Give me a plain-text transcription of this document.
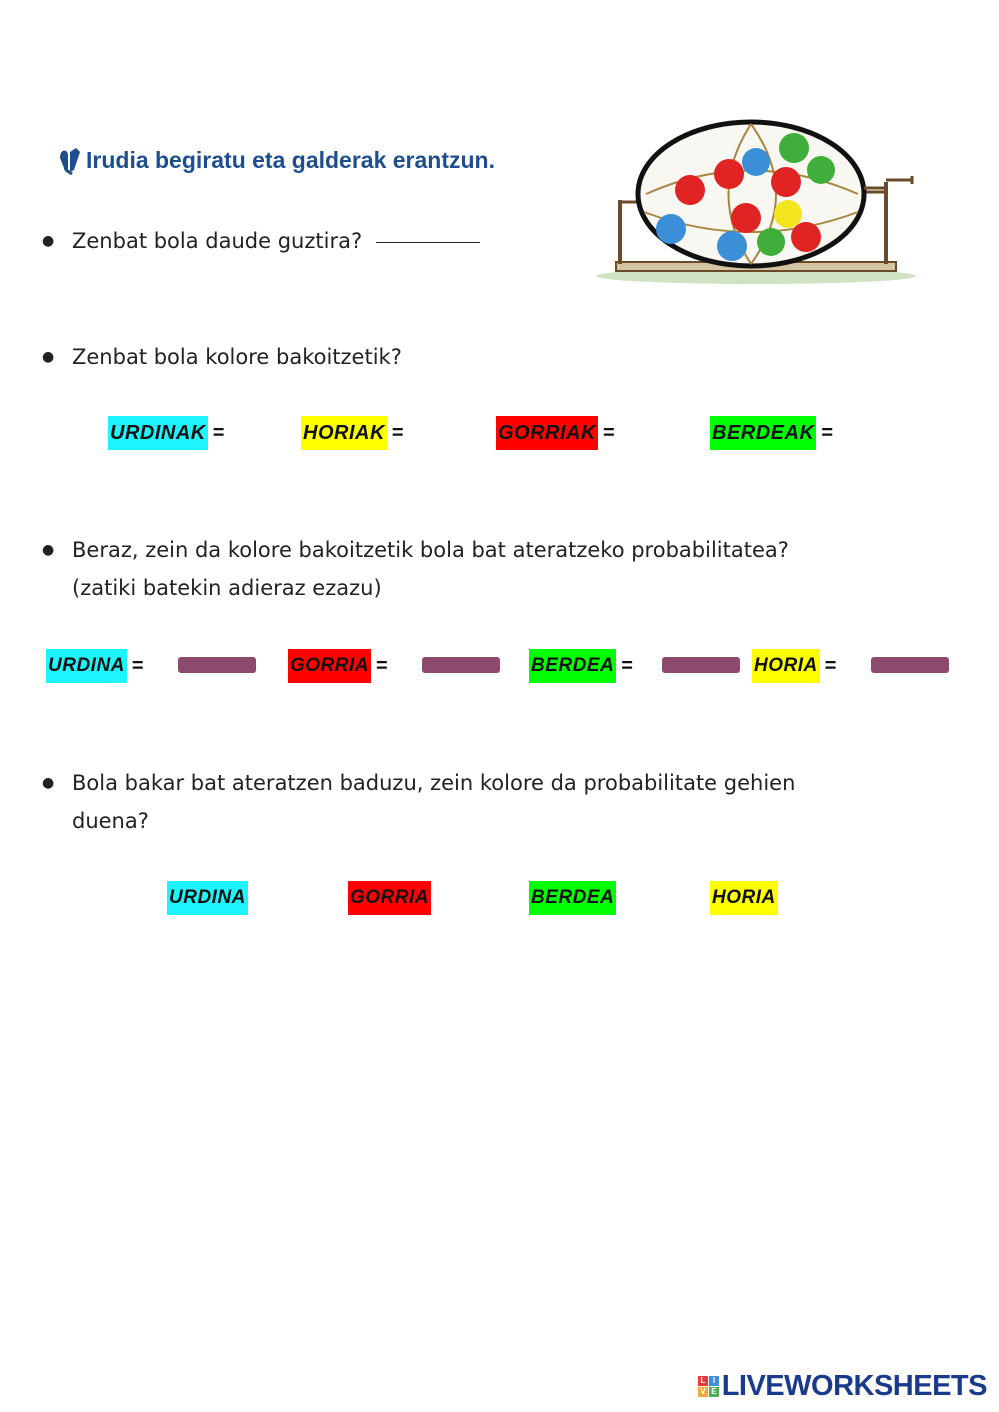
Irudia begiratu eta galderak erantzun.
● Zenbat bola daude guztira?
● Zenbat bola kolore bakoitzetik?
URDINAK =	HORIAK =	GORRIAK =	BERDEAK =
● Beraz, zein da kolore bakoitzetik bola bat ateratzeko probabilitatea?
(zatiki batekin adieraz ezazu)
URDINA =	GORRIA =	BERDEA =	HORIA =
● Bola bakar bat ateratzen baduzu, zein kolore da probabilitate gehien
duena?
URDINA	GORRIA	BERDEA	HORIA
L I
V E LIVEWORKSHEETS
